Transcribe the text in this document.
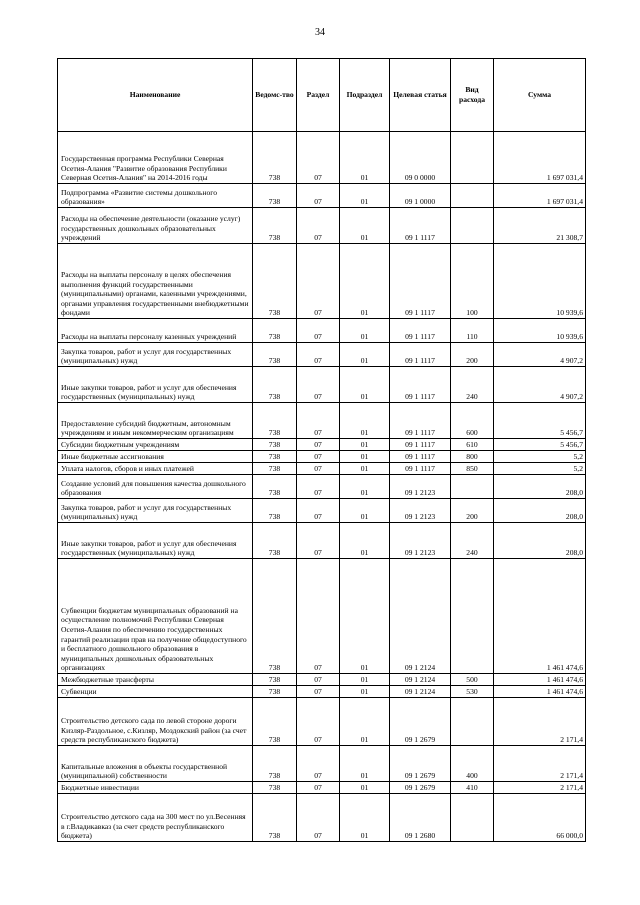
34
Наименование	Ведомс-тво	Раздел	Подраздел	Целевая статья	Вид расхода	Сумма
Государственная программа Республики Северная Осетия-Алания "Развитие образования Республики Северная Осетия-Алания" на 2014-2016 годы	738	07	01	09 0 0000		1 697 031,4
Подпрограмма «Развитие системы дошкольного образования»	738	07	01	09 1 0000		1 697 031,4
Расходы на обеспечение деятельности (оказание услуг) государственных дошкольных образовательных учреждений	738	07	01	09 1 1117		21 308,7
Расходы на выплаты персоналу в целях обеспечения выполнения функций государственными (муниципальными) органами, казенными учреждениями, органами управления государственными внебюджетными фондами	738	07	01	09 1 1117	100	10 939,6
Расходы на выплаты персоналу казенных учреждений	738	07	01	09 1 1117	110	10 939,6
Закупка товаров, работ и услуг для государственных (муниципальных) нужд	738	07	01	09 1 1117	200	4 907,2
Иные закупки товаров, работ и услуг для обеспечения государственных (муниципальных) нужд	738	07	01	09 1 1117	240	4 907,2
Предоставление субсидий бюджетным, автономным учреждениям и иным некоммерческим организациям	738	07	01	09 1 1117	600	5 456,7
Субсидии бюджетным учреждениям	738	07	01	09 1 1117	610	5 456,7
Иные бюджетные ассигнования	738	07	01	09 1 1117	800	5,2
Уплата налогов, сборов и иных платежей	738	07	01	09 1 1117	850	5,2
Создание условий для повышения качества дошкольного образования	738	07	01	09 1 2123		208,0
Закупка товаров, работ и услуг для государственных (муниципальных) нужд	738	07	01	09 1 2123	200	208,0
Иные закупки товаров, работ и услуг для обеспечения государственных (муниципальных) нужд	738	07	01	09 1 2123	240	208,0
Субвенции бюджетам муниципальных образований на осуществление полномочий Республики Северная Осетия-Алания по обеспечению государственных гарантий реализации прав на получение общедоступного и бесплатного дошкольного образования в муниципальных дошкольных образовательных организациях	738	07	01	09 1 2124		1 461 474,6
Межбюджетные трансферты	738	07	01	09 1 2124	500	1 461 474,6
Субвенции	738	07	01	09 1 2124	530	1 461 474,6
Строительство детского сада по левой стороне дороги Кизляр-Раздольное, с.Кизляр, Моздокский район (за счет средств республиканского бюджета)	738	07	01	09 1 2679		2 171,4
Капитальные вложения в объекты государственной (муниципальной) собственности	738	07	01	09 1 2679	400	2 171,4
Бюджетные инвестиции	738	07	01	09 1 2679	410	2 171,4
Строительство детского сада на 300 мест по ул.Весенняя в г.Владикавказ (за счет средств республиканского бюджета)	738	07	01	09 1 2680		66 000,0
